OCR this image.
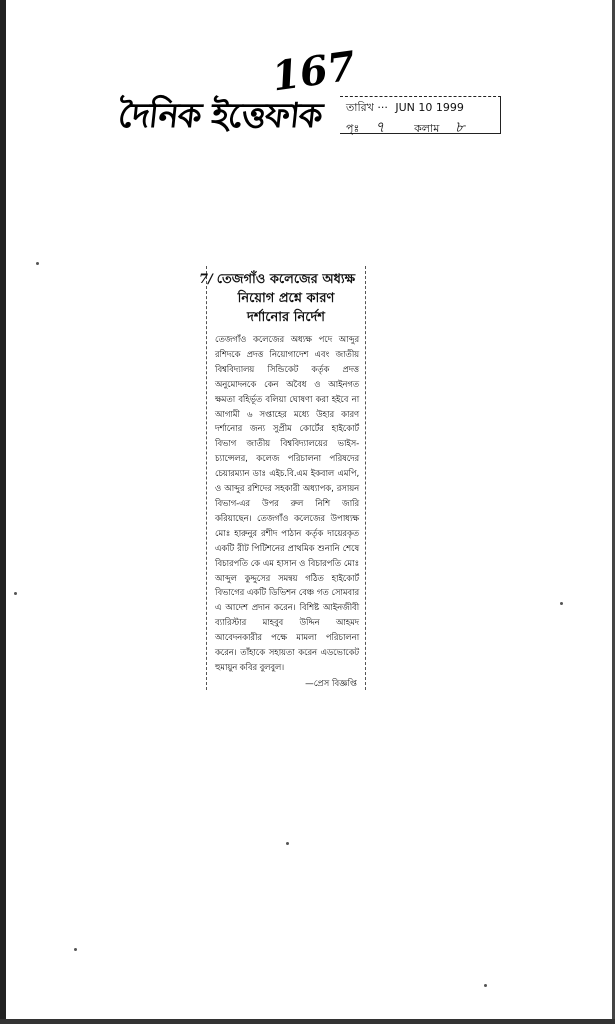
দৈনিক ইত্তেফাক
167
তারিখ ··· JUN 10 1999
পৃঃ ৭	কলাম ৮
7/ তেজগাঁও কলেজের অধ্যক্ষ
নিয়োগ প্রশ্নে কারণ
দর্শানোর নির্দেশ
তেজগাঁও কলেজের অধ্যক্ষ পদে আব্দুর রশিদকে প্রদত্ত নিয়োগাদেশ এবং জাতীয় বিশ্ববিদ্যালয় সিন্ডিকেট কর্তৃক প্রদত্ত অনুমোদনকে কেন অবৈধ ও আইনগত ক্ষমতা বহির্ভূত বলিয়া ঘোষণা করা হইবে না আগামী ৬ সপ্তাহের মধ্যে উহার কারণ দর্শানোর জন্য সুপ্রীম কোর্টের হাইকোর্ট বিভাগ জাতীয় বিশ্ববিদ্যালয়ের ভাইস-চ্যান্সেলর, কলেজ পরিচালনা পরিষদের চেয়ারম্যান ডাঃ এইচ.বি.এম ইকবাল এমপি, ও আব্দুর রশিদের সহকারী অধ্যাপক, রসায়ন বিভাগ-এর উপর রুল নিশি জারি করিয়াছেন। তেজগাঁও কলেজের উপাধ্যক্ষ মোঃ হারুনুর রশীদ পাঠান কর্তৃক দায়েরকৃত একটি রীট পিটিশনের প্রাথমিক শুনানি শেষে বিচারপতি কে এম হাসান ও বিচারপতি মোঃ আব্দুল কুদ্দুসের সমন্বয় গঠিত হাইকোর্ট বিভাগের একটি ডিভিশন বেঞ্চ গত সোমবার এ আদেশ প্রদান করেন। বিশিষ্ট আইনজীবী ব্যারিস্টার মাহবুব উদ্দিন আহমদ আবেদনকারীর পক্ষে মামলা পরিচালনা করেন। তাঁহাকে সহায়তা করেন এডভোকেট হুমায়ুন কবির বুলবুল।
—প্রেস বিজ্ঞপ্তি
